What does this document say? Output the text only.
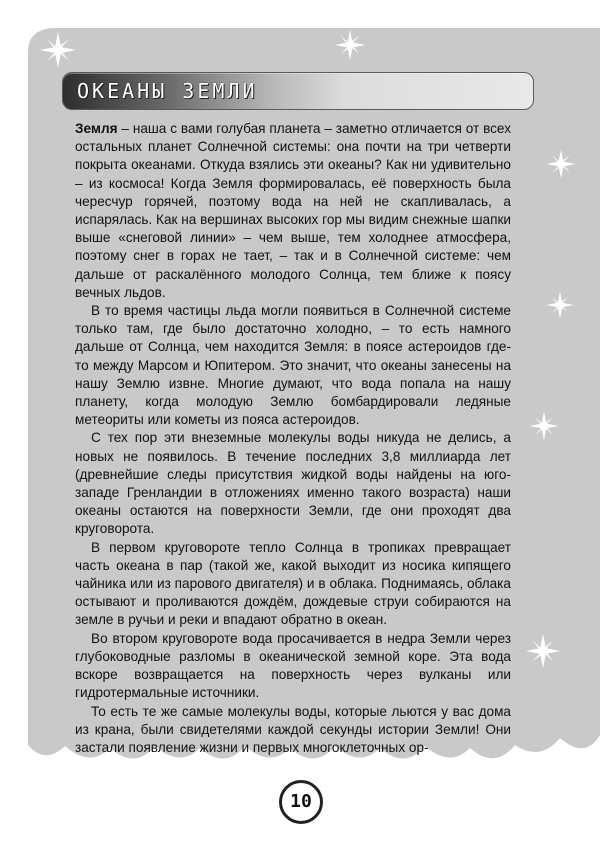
ОКЕАНЫ ЗЕМЛИ

Земля – наша с вами голубая планета – заметно отличается от всех остальных планет Солнечной системы: она почти на три четверти покрыта океанами. Откуда взялись эти океаны? Как ни удивительно – из космоса! Когда Земля формировалась, её поверхность была чересчур горячей, поэтому вода на ней не скапливалась, а испарялась. Как на вершинах высоких гор мы видим снежные шапки выше «снеговой линии» – чем выше, тем холоднее атмосфера, поэтому снег в горах не тает, – так и в Солнечной системе: чем дальше от раскалённого молодого Солнца, тем ближе к поясу вечных льдов.

В то время частицы льда могли появиться в Солнечной системе только там, где было достаточно холодно, – то есть намного дальше от Солнца, чем находится Земля: в поясе астероидов где-то между Марсом и Юпитером. Это значит, что океаны занесены на нашу Землю извне. Многие думают, что вода попала на нашу планету, когда молодую Землю бомбардировали ледяные метеориты или кометы из пояса астероидов.

С тех пор эти внеземные молекулы воды никуда не делись, а новых не появилось. В течение последних 3,8 миллиарда лет (древнейшие следы присутствия жидкой воды найдены на юго-западе Гренландии в отложениях именно такого возраста) наши океаны остаются на поверхности Земли, где они проходят два круговорота.

В первом круговороте тепло Солнца в тропиках превращает часть океана в пар (такой же, какой выходит из носика кипящего чайника или из парового двигателя) и в облака. Поднимаясь, облака остывают и проливаются дождём, дождевые струи собираются на земле в ручьи и реки и впадают обратно в океан.

Во втором круговороте вода просачивается в недра Земли через глубоководные разломы в океанической земной коре. Эта вода вскоре возвращается на поверхность через вулканы или гидротермальные источники.

То есть те же самые молекулы воды, которые льются у вас дома из крана, были свидетелями каждой секунды истории Земли! Они застали появление жизни и первых многоклеточных ор-

10
